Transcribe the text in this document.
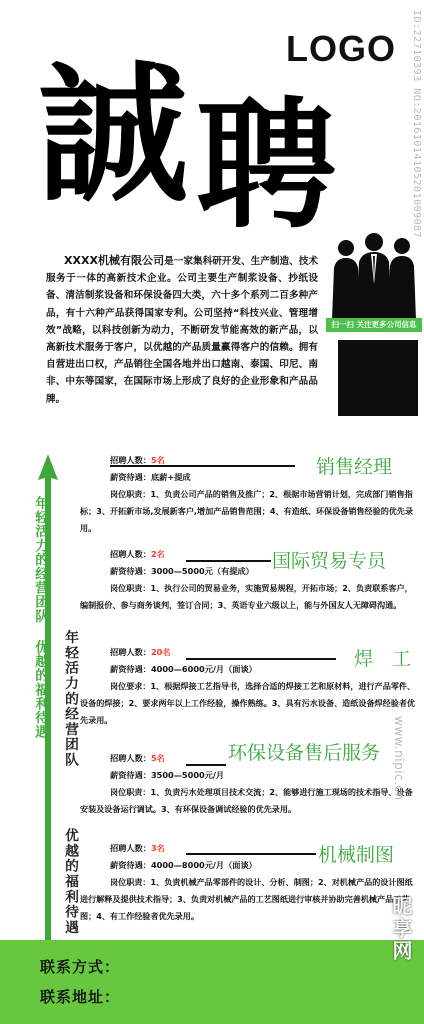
LOGO ID:22710393 NO:20161014105201009087
誠 聘
XXXX机械有限公司是一家集科研开发、生产制造、技术服务于一体的高新技术企业。公司主要生产制浆设备、抄纸设备、清洁制浆设备和环保设备四大类，六十多个系列二百多种产品，有十六种产品获得国家专利。公司坚持“科技兴业、管理增效”战略，以科技创新为动力，不断研发节能高效的新产品，以高新技术服务于客户，以优越的产品质量赢得客户的信赖。拥有自营进出口权，产品销往全国各地并出口越南、泰国、印尼、南非、中东等国家，在国际市场上形成了良好的企业形象和产品品牌。
扫一扫 关注更多公司信息
年轻活力的经营团队
优越的福利待遇 年轻活力的经营团队
优越的福利待遇
招聘人数：5名
薪资待遇：底薪+提成
岗位职责：1、负责公司产品的销售及推广；2、根据市场营销计划，完成部门销售指标；3、开拓新市场,发展新客户,增加产品销售范围；4、有造纸、环保设备销售经验的优先录用。
销售经理
招聘人数：2名
薪资待遇：3000—5000元（有提成）
岗位职责：1、执行公司的贸易业务，实施贸易规程，开拓市场；2、负责联系客户，编制报价、参与商务谈判，签订合同；3、英语专业六级以上，能与外国友人无障碍沟通。
国际贸易专员
招聘人数：20名
薪资待遇：4000—6000元/月（面谈）
岗位要求：1、根据焊接工艺指导书，选择合适的焊接工艺和原材料，进行产品零件、设备的焊接；2、要求两年以上工作经验，操作熟练。3、具有污水设备、造纸设备焊经验者优先录用。
焊　工
招聘人数：5名
薪资待遇：3500—5000元/月
岗位职责：1、负责污水处理项目技术交流；2、能够进行施工现场的技术指导、设备安装及设备运行调试。3、有环保设备调试经验的优先录用。
环保设备售后服务
招聘人数：3名
薪资待遇：4000—8000元/月（面谈）
岗位职责：1、负责机械产品零部件的设计、分析、制图；2、对机械产品的设计图纸进行解释及提供技术指导；3、负责对机械产品的工艺图纸进行审核并协助完善机械产品工艺图；4、有工作经验者优先录用。
机械制图
www.nipic.cn
联系方式：
联系地址：
昵享网
